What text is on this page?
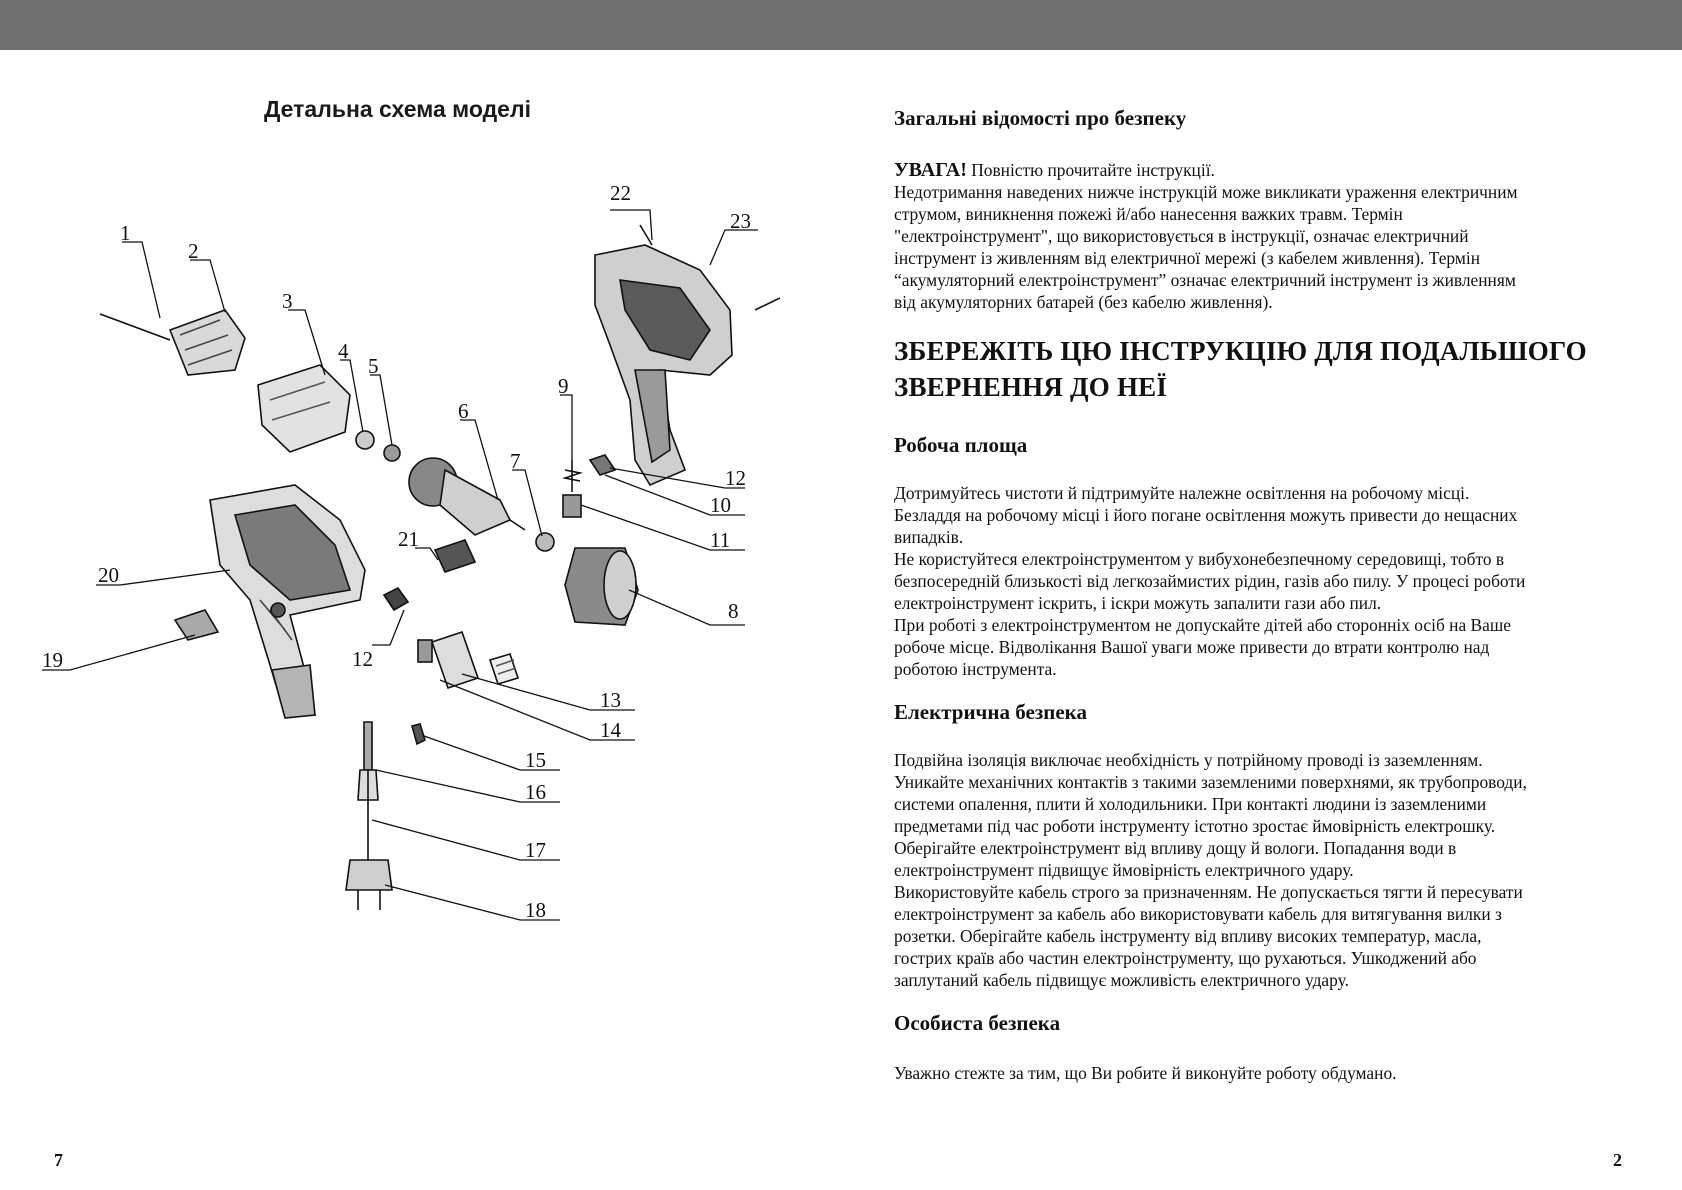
Детальна схема моделі
1
2
3
4
5
6
7
8
9
10
11
12
12
13
14
15
16
17
18
19
20
21
22
23
7	2

Загальні відомості про безпеку

УВАГА! Повністю прочитайте інструкції.

Недотримання наведених нижче інструкцій може викликати ураження електричним

струмом, виникнення пожежі й/або нанесення важких травм. Термін

"електроінструмент", що використовується в інструкції, означає електричний

інструмент із живленням від електричної мережі (з кабелем живлення). Термін

“акумуляторний електроінструмент” означає електричний інструмент із живленням

від акумуляторних батарей (без кабелю живлення).

ЗБЕРЕЖІТЬ ЦЮ ІНСТРУКЦІЮ ДЛЯ ПОДАЛЬШОГО

ЗВЕРНЕННЯ ДО НЕЇ

Робоча площа

Дотримуйтесь чистоти й підтримуйте належне освітлення на робочому місці.

Безладдя на робочому місці і його погане освітлення можуть привести до нещасних

випадків.

Не користуйтеся електроінструментом у вибухонебезпечному середовищі, тобто в

безпосередній близькості від легкозаймистих рідин, газів або пилу. У процесі роботи

електроінструмент іскрить, і іскри можуть запалити гази або пил.

При роботі з електроінструментом не допускайте дітей або сторонніх осіб на Ваше

робоче місце. Відволікання Вашої уваги може привести до втрати контролю над

роботою інструмента.

Електрична безпека

Подвійна ізоляція виключає необхідність у потрійному проводі із заземленням.

Уникайте механічних контактів з такими заземленими поверхнями, як трубопроводи,

системи опалення, плити й холодильники. При контакті людини із заземленими

предметами під час роботи інструменту істотно зростає ймовірність електрошку.

Оберігайте електроінструмент від впливу дощу й вологи. Попадання води в

електроінструмент підвищує ймовірність електричного удару.

Використовуйте кабель строго за призначенням. Не допускається тягти й пересувати

електроінструмент за кабель або використовувати кабель для витягування вилки з

розетки. Оберігайте кабель інструменту від впливу високих температур, масла,

гострих країв або частин електроінструменту, що рухаються. Ушкоджений або

заплутаний кабель підвищує можливість електричного удару.

Особиста безпека

Уважно стежте за тим, що Ви робите й виконуйте роботу обдумано.
